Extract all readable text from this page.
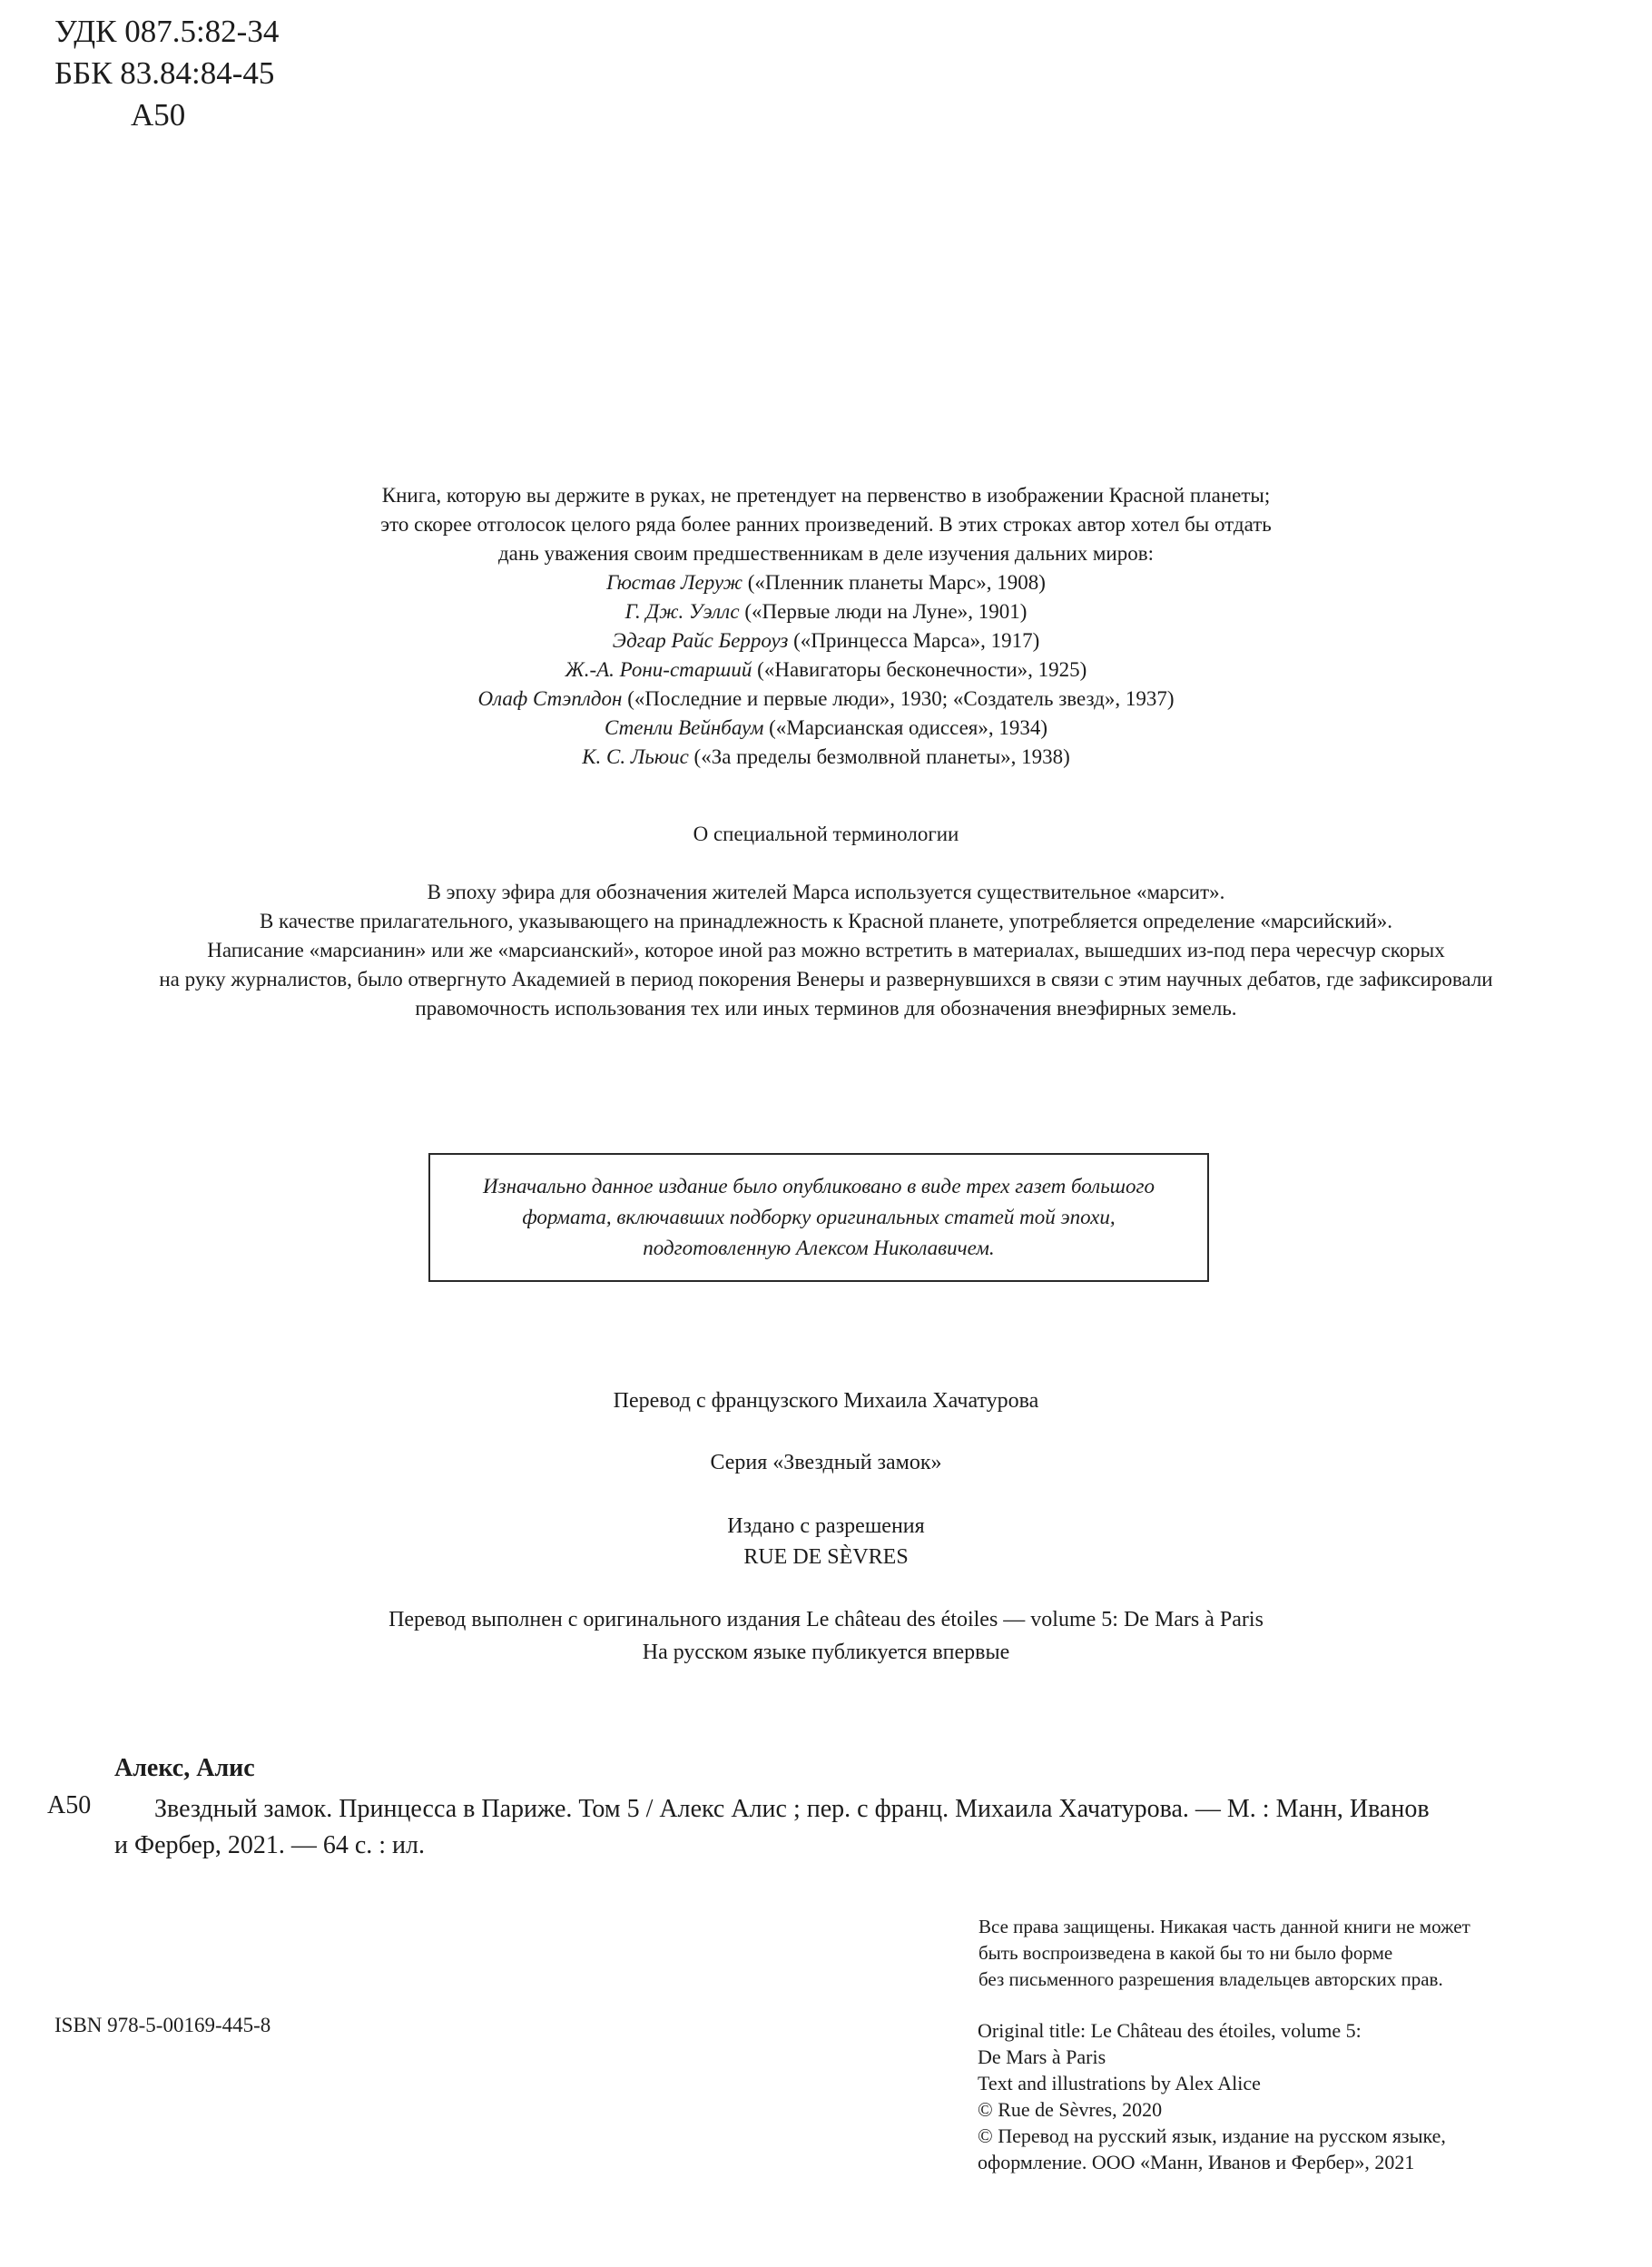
УДК 087.5:82-34
ББК 83.84:84-45
А50
Книга, которую вы держите в руках, не претендует на первенство в изображении Красной планеты;
это скорее отголосок целого ряда более ранних произведений. В этих строках автор хотел бы отдать
дань уважения своим предшественникам в деле изучения дальних миров:
Гюстав Леруж («Пленник планеты Марс», 1908)
Г. Дж. Уэллс («Первые люди на Луне», 1901)
Эдгар Райс Берроуз («Принцесса Марса», 1917)
Ж.-А. Рони-старший («Навигаторы бесконечности», 1925)
Олаф Стэплдон («Последние и первые люди», 1930; «Создатель звезд», 1937)
Стенли Вейнбаум («Марсианская одиссея», 1934)
К. С. Льюис («За пределы безмолвной планеты», 1938)
О специальной терминологии
В эпоху эфира для обозначения жителей Марса используется существительное «марсит».
В качестве прилагательного, указывающего на принадлежность к Красной планете, употребляется определение «марсийский».
Написание «марсианин» или же «марсианский», которое иной раз можно встретить в материалах, вышедших из-под пера чересчур скорых
на руку журналистов, было отвергнуто Академией в период покорения Венеры и развернувшихся в связи с этим научных дебатов, где зафиксировали
правомочность использования тех или иных терминов для обозначения внеэфирных земель.
Изначально данное издание было опубликовано в виде трех газет большого
формата, включавших подборку оригинальных статей той эпохи,
подготовленную Алексом Николавичем.
Перевод с французского Михаила Хачатурова
Серия «Звездный замок»
Издано с разрешения
RUE DE SÈVRES
Перевод выполнен с оригинального издания Le château des étoiles — volume 5: De Mars à Paris
На русском языке публикуется впервые
Алекс, Алис
А50 Звездный замок. Принцесса в Париже. Том 5 / Алекс Алис ; пер. с франц. Михаила Хачатурова. — М. : Манн, Иванов
и Фербер, 2021. — 64 с. : ил.
Все права защищены. Никакая часть данной книги не может
быть воспроизведена в какой бы то ни было форме
без письменного разрешения владельцев авторских прав.
ISBN 978-5-00169-445-8	Original title: Le Château des étoiles, volume 5:
De Mars à Paris
Text and illustrations by Alex Alice
© Rue de Sèvres, 2020
© Перевод на русский язык, издание на русском языке,
оформление. ООО «Манн, Иванов и Фербер», 2021
